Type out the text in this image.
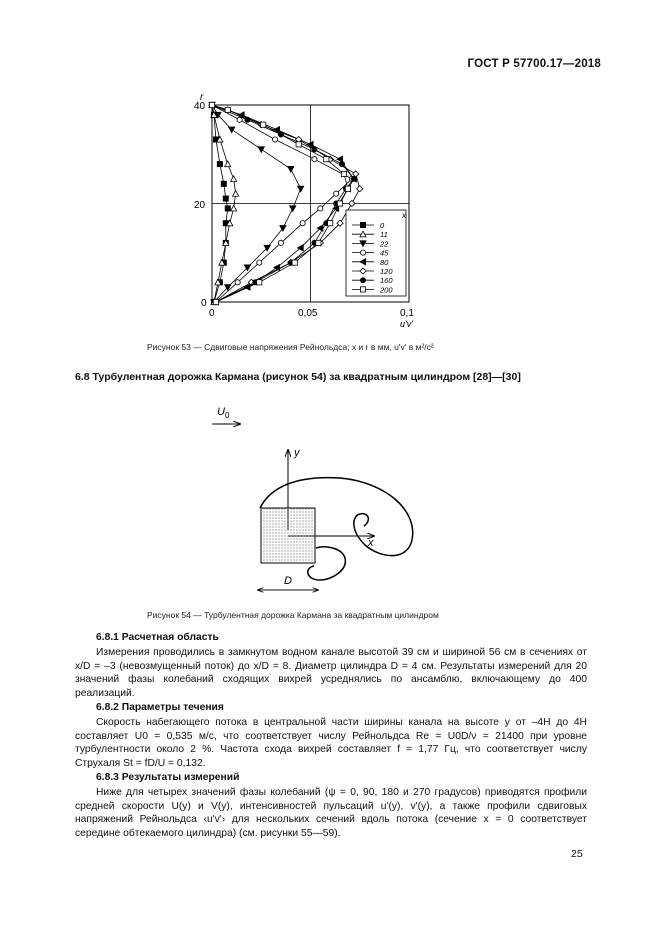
ГОСТ Р 57700.17—2018
r
40
20
0
0	0,05	0,1
u'v'
x
0
11
22
45
80
120
160
200
Рисунок 53 — Сдвиговые напряжения Рейнольдса; x и r в мм, u'v' в м²/с²
6.8 Турбулентная дорожка Кармана (рисунок 54) за квадратным цилиндром [28]—[30]
$U_0$
y
x
D
Рисунок 54 — Турбулентная дорожка Кармана за квадратным цилиндром
6.8.1 Расчетная область

Измерения проводились в замкнутом водном канале высотой 39 см и шириной 56 см в сечениях от x/D = –3 (невозмущенный поток) до x/D = 8. Диаметр цилиндра D = 4 см. Результаты измерений для 20 значений фазы колебаний сходящих вихрей усреднялись по ансамблю, включающему до 400 реализаций.

6.8.2 Параметры течения

Скорость набегающего потока в центральной части ширины канала на высоте y от –4H до 4H составляет U0 = 0,535 м/с, что соответствует числу Рейнольдса Re = U0D/ν = 21400 при уровне турбулентности около 2 %. Частота схода вихрей составляет f = 1,77 Гц, что соответствует числу Струхаля St = fD/U = 0,132.

6.8.3 Результаты измерений

Ниже для четырех значений фазы колебаний (ψ = 0, 90, 180 и 270 градусов) приводятся профили средней скорости U(y) и V(y), интенсивностей пульсаций u'(y), v'(y), а также профили сдвиговых напряжений Рейнольдса ‹u'v'› для нескольких сечений вдоль потока (сечение x = 0 соответствует середине обтекаемого цилиндра) (см. рисунки 55—59).

25
